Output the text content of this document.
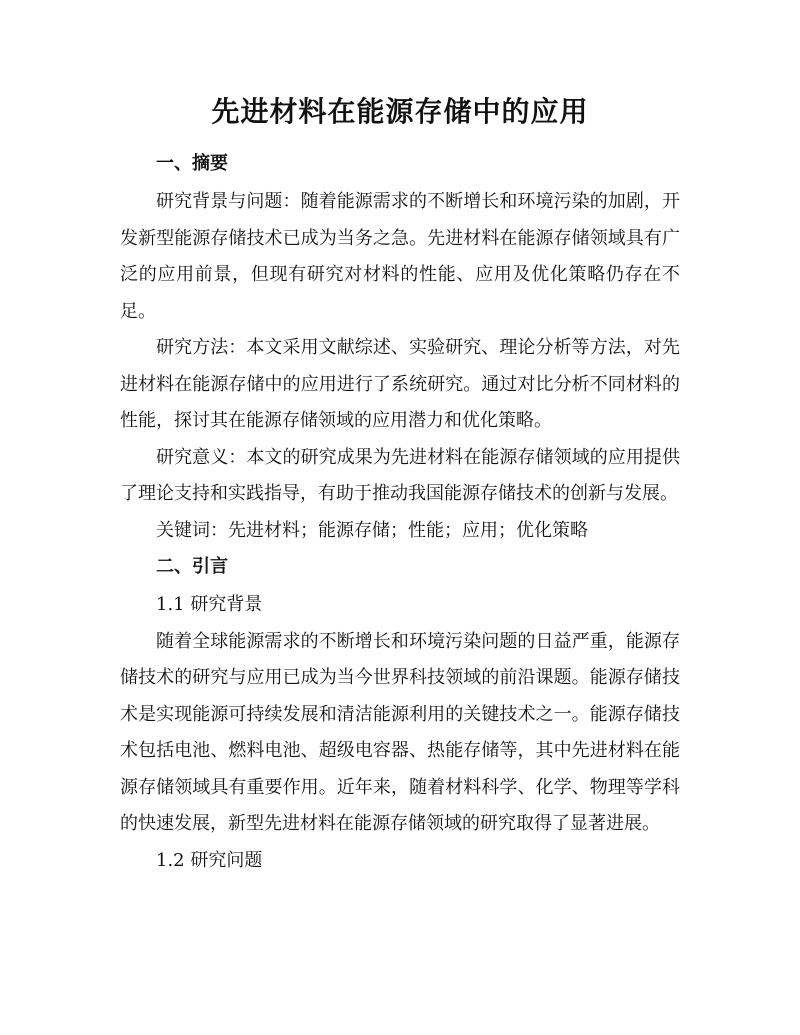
先进材料在能源存储中的应用
一、摘要

研究背景与问题：随着能源需求的不断增长和环境污染的加剧，开发新型能源存储技术已成为当务之急。先进材料在能源存储领域具有广泛的应用前景，但现有研究对材料的性能、应用及优化策略仍存在不足。

研究方法：本文采用文献综述、实验研究、理论分析等方法，对先进材料在能源存储中的应用进行了系统研究。通过对比分析不同材料的性能，探讨其在能源存储领域的应用潜力和优化策略。

研究意义：本文的研究成果为先进材料在能源存储领域的应用提供了理论支持和实践指导，有助于推动我国能源存储技术的创新与发展。

关键词：先进材料；能源存储；性能；应用；优化策略

二、引言

1.1 研究背景

随着全球能源需求的不断增长和环境污染问题的日益严重，能源存储技术的研究与应用已成为当今世界科技领域的前沿课题。能源存储技术是实现能源可持续发展和清洁能源利用的关键技术之一。能源存储技术包括电池、燃料电池、超级电容器、热能存储等，其中先进材料在能源存储领域具有重要作用。近年来，随着材料科学、化学、物理等学科的快速发展，新型先进材料在能源存储领域的研究取得了显著进展。

1.2 研究问题
